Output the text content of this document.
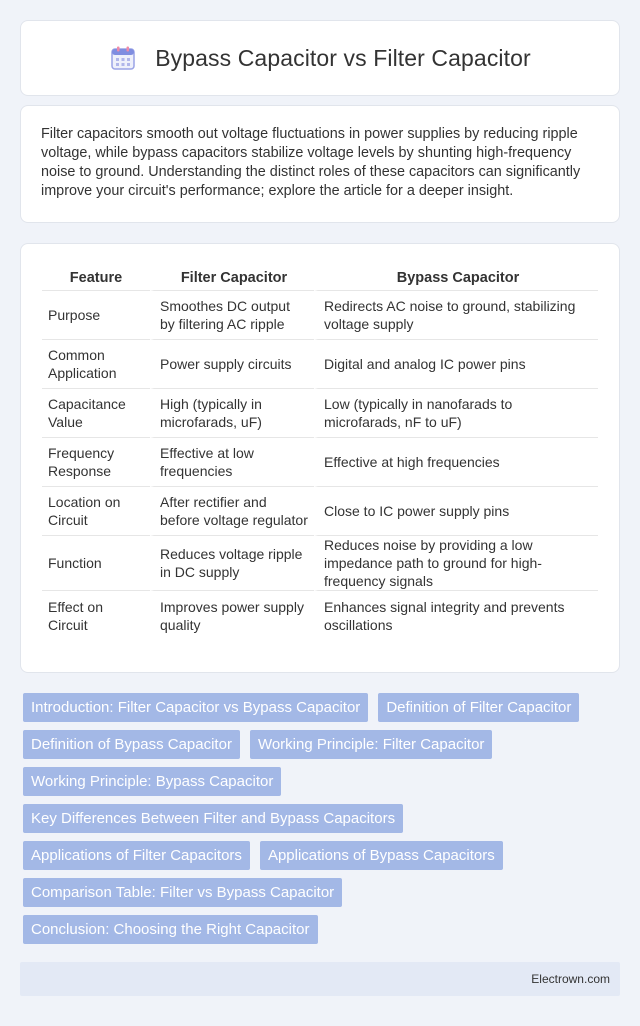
Bypass Capacitor vs Filter Capacitor

Filter capacitors smooth out voltage fluctuations in power supplies by reducing ripple voltage, while bypass capacitors stabilize voltage levels by shunting high-frequency noise to ground. Understanding the distinct roles of these capacitors can significantly improve your circuit's performance; explore the article for a deeper insight.

Feature	Filter Capacitor	Bypass Capacitor
Purpose	Smoothes DC output by filtering AC ripple	Redirects AC noise to ground, stabilizing voltage supply
Common Application	Power supply circuits	Digital and analog IC power pins
Capacitance Value	High (typically in microfarads, uF)	Low (typically in nanofarads to microfarads, nF to uF)
Frequency Response	Effective at low frequencies	Effective at high frequencies
Location on Circuit	After rectifier and before voltage regulator	Close to IC power supply pins
Function	Reduces voltage ripple in DC supply	Reduces noise by providing a low impedance path to ground for high-frequency signals
Effect on Circuit	Improves power supply quality	Enhances signal integrity and prevents oscillations
Introduction: Filter Capacitor vs Bypass Capacitor	Definition of Filter Capacitor
Definition of Bypass Capacitor	Working Principle: Filter Capacitor
Working Principle: Bypass Capacitor
Key Differences Between Filter and Bypass Capacitors
Applications of Filter Capacitors	Applications of Bypass Capacitors
Comparison Table: Filter vs Bypass Capacitor
Conclusion: Choosing the Right Capacitor
Electrown.com
